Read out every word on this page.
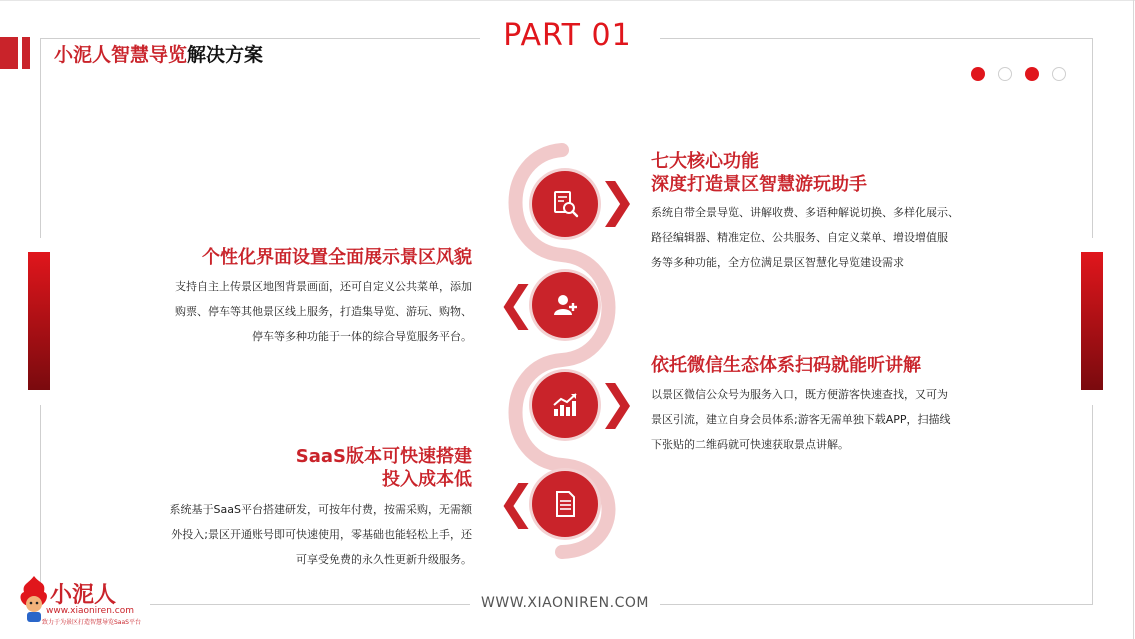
小泥人智慧导览解决方案
PART 01
❯
❮
❯
❮
七大核心功能
深度打造景区智慧游玩助手
系统自带全景导览、讲解收费、多语种解说切换、多样化展示、
路径编辑器、精准定位、公共服务、自定义菜单、增设增值服
务等多种功能，全方位满足景区智慧化导览建设需求
个性化界面设置全面展示景区风貌
支持自主上传景区地图背景画面，还可自定义公共菜单，添加
购票、停车等其他景区线上服务，打造集导览、游玩、购物、
停车等多种功能于一体的综合导览服务平台。
依托微信生态体系扫码就能听讲解
以景区微信公众号为服务入口，既方便游客快速查找，又可为
景区引流，建立自身会员体系;游客无需单独下载APP，扫描线
下张贴的二维码就可快速获取景点讲解。
SaaS版本可快速搭建
投入成本低
系统基于SaaS平台搭建研发，可按年付费，按需采购，无需额
外投入;景区开通账号即可快速使用，零基础也能轻松上手，还
可享受免费的永久性更新升级服务。
WWW.XIAONIREN.COM
小泥人
www.xiaoniren.com
致力于为景区打造智慧导览SaaS平台
